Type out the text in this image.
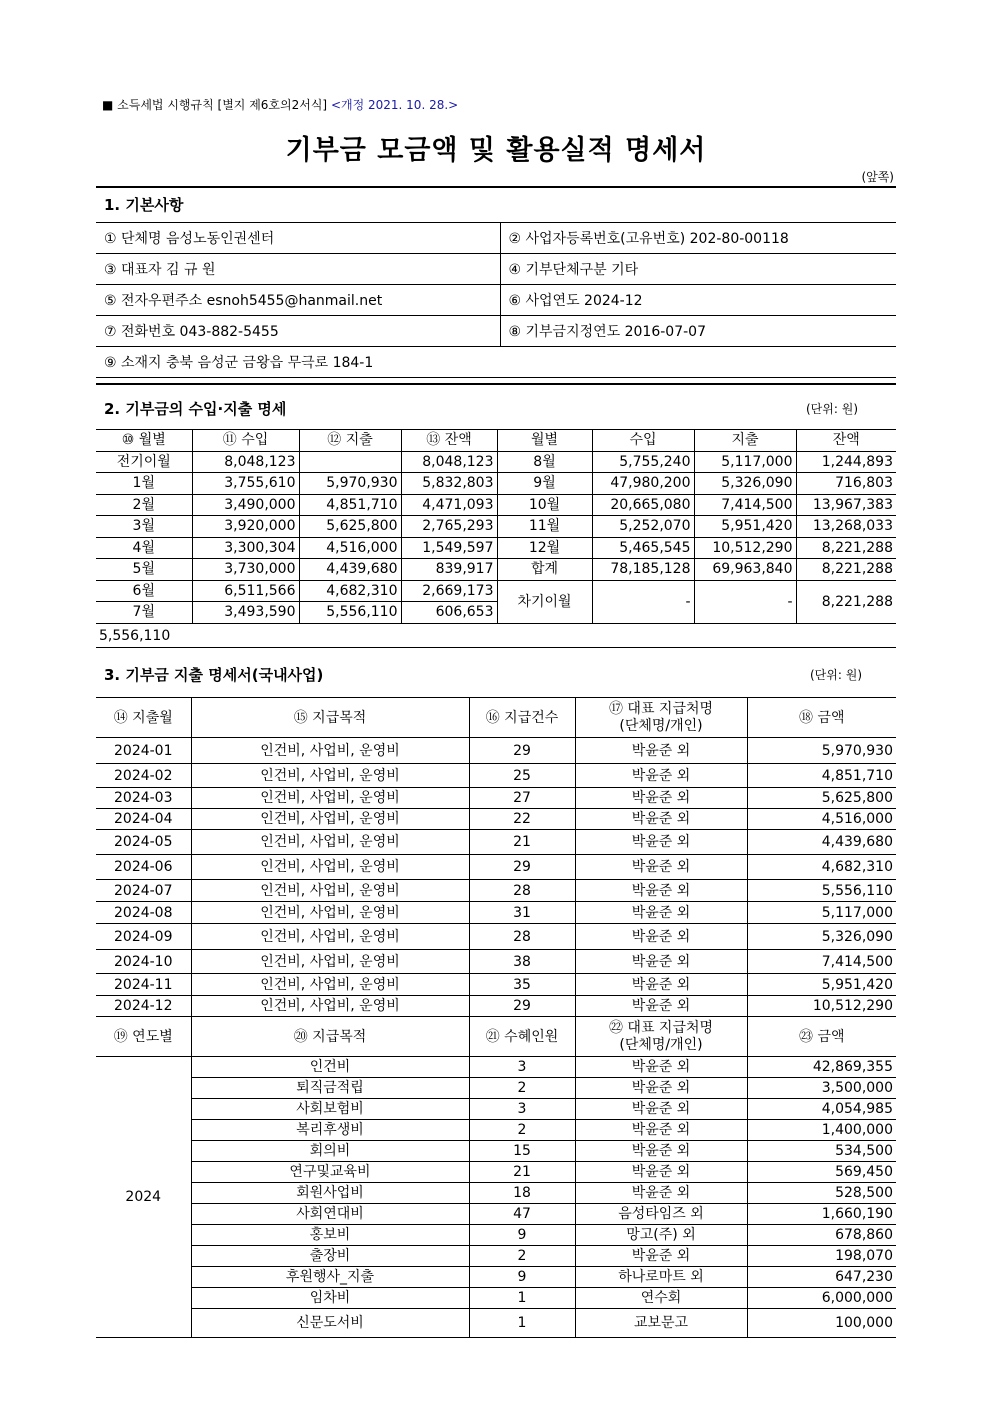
■ 소득세법 시행규칙 [별지 제6호의2서식] <개정 2021. 10. 28.>
기부금 모금액 및 활용실적 명세서
(앞쪽)
1. 기본사항
① 단체명 음성노동인권센터	② 사업자등록번호(고유번호) 202-80-00118
③ 대표자 김 규 원	④ 기부단체구분 기타
⑤ 전자우편주소 esnoh5455@hanmail.net	⑥ 사업연도 2024-12
⑦ 전화번호 043-882-5455	⑧ 기부금지정연도 2016-07-07
⑨ 소재지 충북 음성군 금왕읍 무극로 184-1	
2. 기부금의 수입·지출 명세	(단위: 원)
⑩ 월별	⑪ 수입	⑫ 지출	⑬ 잔액	월별	수입	지출	잔액
전기이월	8,048,123		8,048,123	8월	5,755,240	5,117,000	1,244,893
1월	3,755,610	5,970,930	5,832,803	9월	47,980,200	5,326,090	716,803
2월	3,490,000	4,851,710	4,471,093	10월	20,665,080	7,414,500	13,967,383
3월	3,920,000	5,625,800	2,765,293	11월	5,252,070	5,951,420	13,268,033
4월	3,300,304	4,516,000	1,549,597	12월	5,465,545	10,512,290	8,221,288
5월	3,730,000	4,439,680	839,917	합계	78,185,128	69,963,840	8,221,288
6월	6,511,566	4,682,310	2,669,173	차기이월	-	-	8,221,288
7월	3,493,590	5,556,110	606,653				
5,556,110
3. 기부금 지출 명세서(국내사업)	(단위: 원)
⑭ 지출월	⑮ 지급목적	⑯ 지급건수	⑰ 대표 지급처명
(단체명/개인)	⑱ 금액
2024-01	인건비, 사업비, 운영비	29	박윤준 외	5,970,930
2024-02	인건비, 사업비, 운영비	25	박윤준 외	4,851,710
2024-03	인건비, 사업비, 운영비	27	박윤준 외	5,625,800
2024-04	인건비, 사업비, 운영비	22	박윤준 외	4,516,000
2024-05	인건비, 사업비, 운영비	21	박윤준 외	4,439,680
2024-06	인건비, 사업비, 운영비	29	박윤준 외	4,682,310
2024-07	인건비, 사업비, 운영비	28	박윤준 외	5,556,110
2024-08	인건비, 사업비, 운영비	31	박윤준 외	5,117,000
2024-09	인건비, 사업비, 운영비	28	박윤준 외	5,326,090
2024-10	인건비, 사업비, 운영비	38	박윤준 외	7,414,500
2024-11	인건비, 사업비, 운영비	35	박윤준 외	5,951,420
2024-12	인건비, 사업비, 운영비	29	박윤준 외	10,512,290
⑲ 연도별	⑳ 지급목적	㉑ 수혜인원	㉒ 대표 지급처명
(단체명/개인)	㉓ 금액
2024	인건비	3	박윤준 외	42,869,355
	퇴직금적립	2	박윤준 외	3,500,000
	사회보험비	3	박윤준 외	4,054,985
	복리후생비	2	박윤준 외	1,400,000
	회의비	15	박윤준 외	534,500
	연구및교육비	21	박윤준 외	569,450
	회원사업비	18	박윤준 외	528,500
	사회연대비	47	음성타임즈 외	1,660,190
	홍보비	9	망고(주) 외	678,860
	출장비	2	박윤준 외	198,070
	후원행사_지출	9	하나로마트 외	647,230
	임차비	1	연수회	6,000,000
	신문도서비	1	교보문고	100,000
